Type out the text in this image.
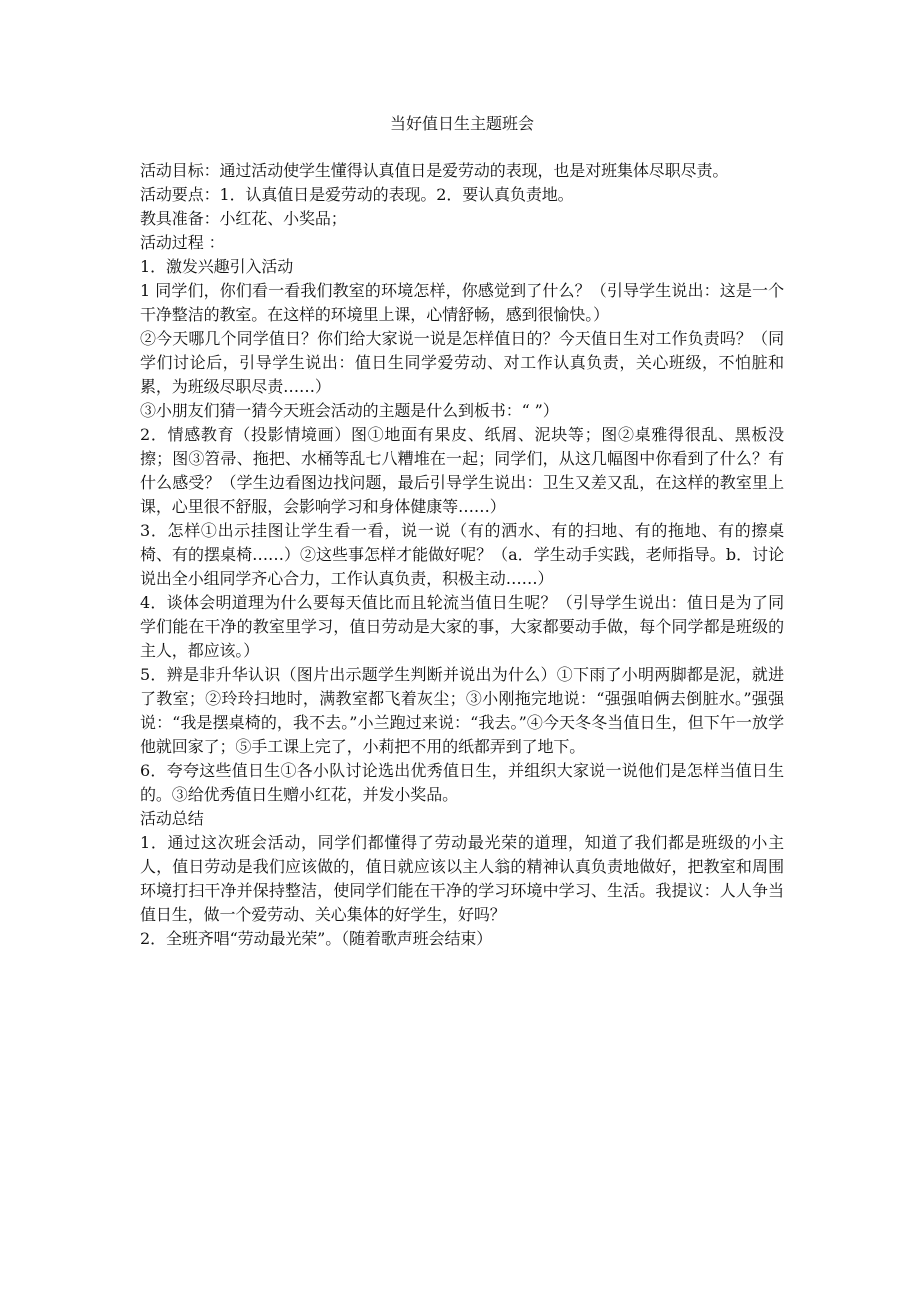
当好值日生主题班会

活动目标：通过活动使学生懂得认真值日是爱劳动的表现，也是对班集体尽职尽责。

活动要点：1．认真值日是爱劳动的表现。2．要认真负责地。

教具准备：小红花、小奖品；

活动过程 ：

1．激发兴趣引入活动

1 同学们，你们看一看我们教室的环境怎样，你感觉到了什么？（引导学生说出：这是一个干净整洁的教室。在这样的环境里上课，心情舒畅，感到很愉快。）

②今天哪几个同学值日？你们给大家说一说是怎样值日的？今天值日生对工作负责吗？（同学们讨论后，引导学生说出：值日生同学爱劳动、对工作认真负责，关心班级，不怕脏和累，为班级尽职尽责……）

③小朋友们猜一猜今天班会活动的主题是什么到板书：“ ”）

2．情感教育（投影情境画）图①地面有果皮、纸屑、泥块等；图②桌雅得很乱、黑板没擦；图③笤帚、拖把、水桶等乱七八糟堆在一起；同学们，从这几幅图中你看到了什么？有什么感受？（学生边看图边找问题，最后引导学生说出：卫生又差又乱，在这样的教室里上课，心里很不舒服，会影响学习和身体健康等……）

3．怎样①出示挂图让学生看一看，说一说（有的洒水、有的扫地、有的拖地、有的擦桌椅、有的摆桌椅……）②这些事怎样才能做好呢？（a．学生动手实践，老师指导。b．讨论说出全小组同学齐心合力，工作认真负责，积极主动……）

4．谈体会明道理为什么要每天值比而且轮流当值日生呢？（引导学生说出：值日是为了同学们能在干净的教室里学习，值日劳动是大家的事，大家都要动手做，每个同学都是班级的主人，都应该。）

5．辨是非升华认识（图片出示题学生判断并说出为什么）①下雨了小明两脚都是泥，就进了教室；②玲玲扫地时，满教室都飞着灰尘；③小刚拖完地说：“强强咱俩去倒脏水。”强强说：“我是摆桌椅的，我不去。”小兰跑过来说：“我去。”④今天冬冬当值日生，但下午一放学他就回家了；⑤手工课上完了，小莉把不用的纸都弄到了地下。

6．夸夸这些值日生①各小队讨论选出优秀值日生，并组织大家说一说他们是怎样当值日生的。③给优秀值日生赠小红花，并发小奖品。

活动总结

1．通过这次班会活动，同学们都懂得了劳动最光荣的道理，知道了我们都是班级的小主人，值日劳动是我们应该做的，值日就应该以主人翁的精神认真负责地做好，把教室和周围环境打扫干净并保持整洁，使同学们能在干净的学习环境中学习、生活。我提议：人人争当值日生，做一个爱劳动、关心集体的好学生，好吗？

2．全班齐唱“劳动最光荣”。（随着歌声班会结束）
